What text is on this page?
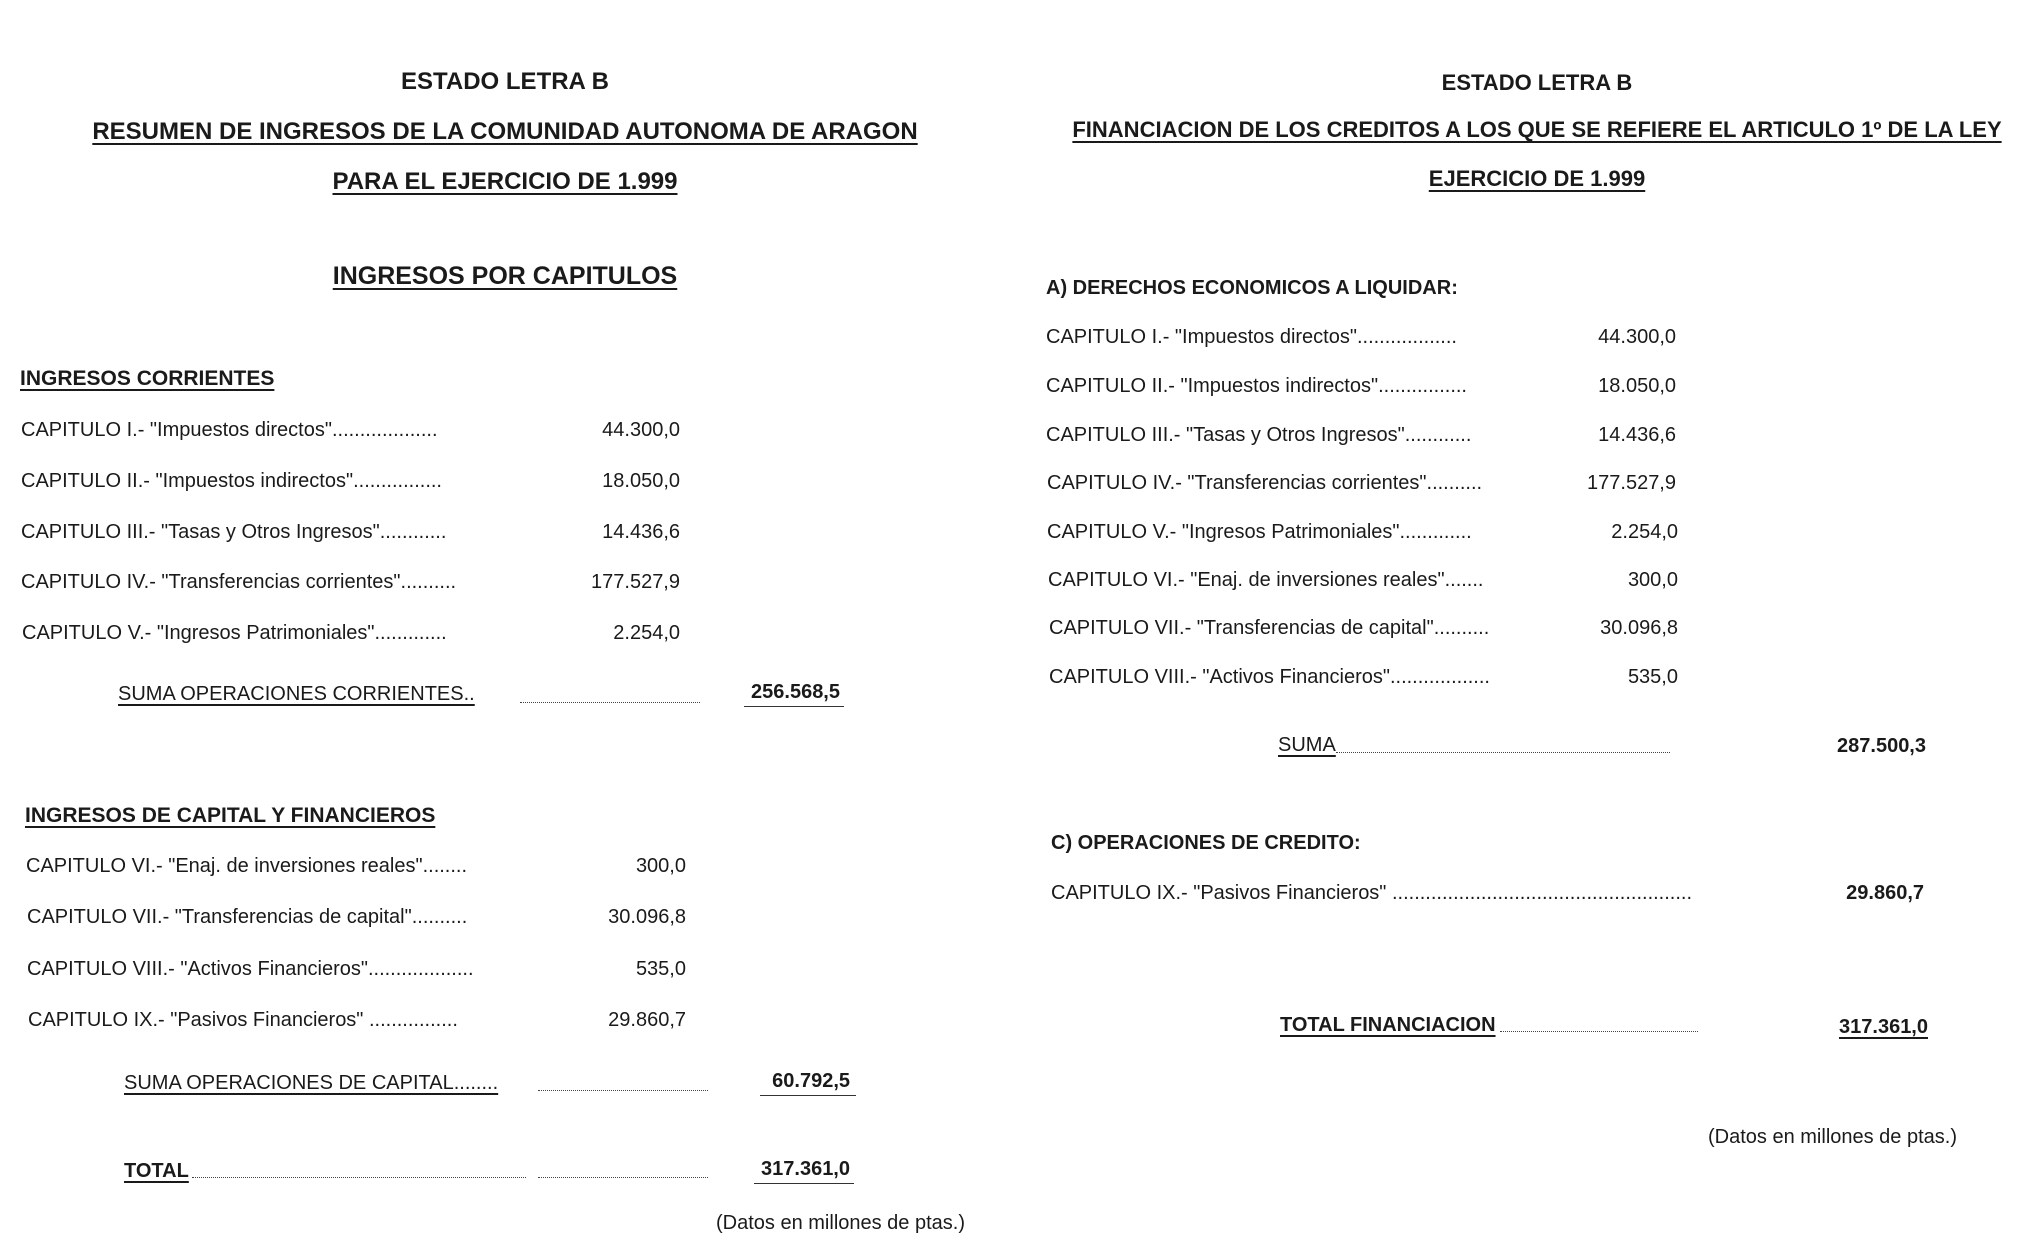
ESTADO LETRA B
RESUMEN DE INGRESOS DE LA COMUNIDAD AUTONOMA DE ARAGON
PARA EL EJERCICIO DE 1.999
INGRESOS POR CAPITULOS
INGRESOS CORRIENTES
CAPITULO I.- "Impuestos directos"...................	44.300,0
CAPITULO II.- "Impuestos indirectos"................	18.050,0
CAPITULO III.- "Tasas y Otros Ingresos"............	14.436,6
CAPITULO IV.- "Transferencias corrientes"..........	177.527,9
CAPITULO V.- "Ingresos Patrimoniales".............	2.254,0
SUMA OPERACIONES CORRIENTES..	256.568,5
INGRESOS DE CAPITAL Y FINANCIEROS
CAPITULO VI.- "Enaj. de inversiones reales"........	300,0
CAPITULO VII.- "Transferencias de capital"..........	30.096,8
CAPITULO VIII.- "Activos Financieros"...................	535,0
CAPITULO IX.- "Pasivos Financieros" ................	29.860,7
SUMA OPERACIONES DE CAPITAL........	60.792,5
TOTAL	317.361,0
(Datos en millones de ptas.)
ESTADO LETRA B
FINANCIACION DE LOS CREDITOS A LOS QUE SE REFIERE EL ARTICULO 1º DE LA LEY
EJERCICIO DE 1.999
A) DERECHOS ECONOMICOS A LIQUIDAR:
CAPITULO I.- "Impuestos directos"..................	44.300,0
CAPITULO II.- "Impuestos indirectos"................	18.050,0
CAPITULO III.- "Tasas y Otros Ingresos"............	14.436,6
CAPITULO IV.- "Transferencias corrientes"..........	177.527,9
CAPITULO V.- "Ingresos Patrimoniales".............	2.254,0
CAPITULO VI.- "Enaj. de inversiones reales".......	300,0
CAPITULO VII.- "Transferencias de capital"..........	30.096,8
CAPITULO VIII.- "Activos Financieros"..................	535,0
SUMA	287.500,3
C) OPERACIONES DE CREDITO:
CAPITULO IX.- "Pasivos Financieros" ......................................................	29.860,7
TOTAL FINANCIACION	317.361,0
(Datos en millones de ptas.)
